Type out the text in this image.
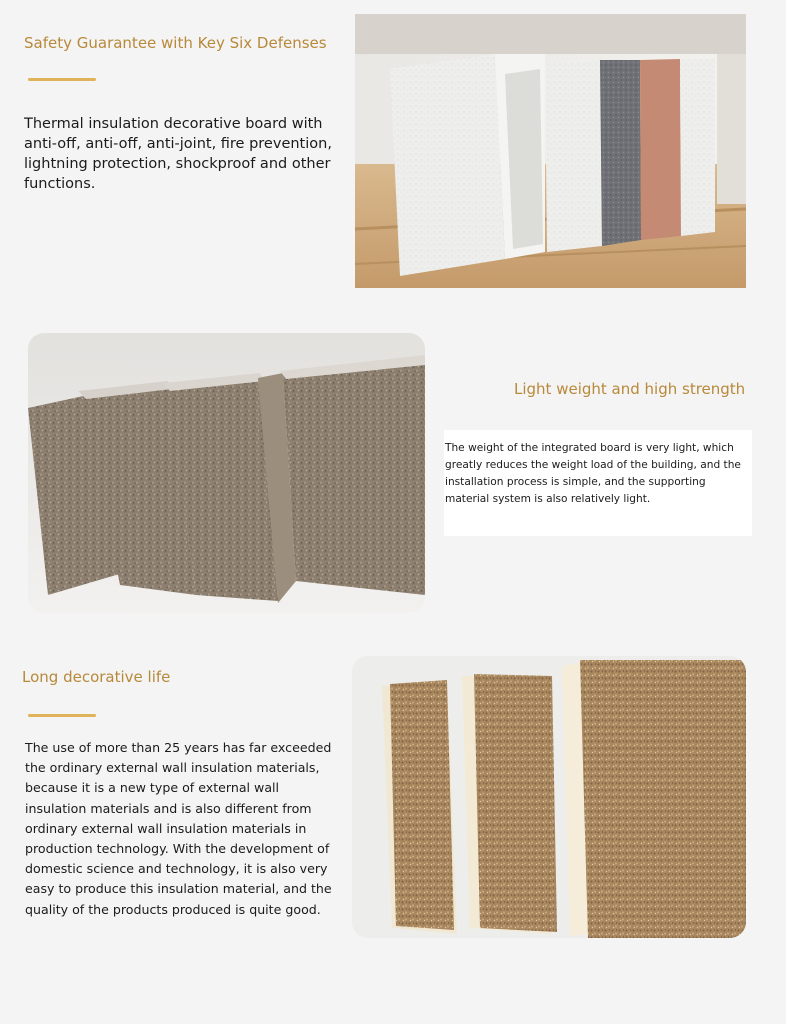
Safety Guarantee with Key Six Defenses
Thermal insulation decorative board with anti-off, anti-off, anti-joint, fire prevention, lightning protection, shockproof and other functions.
Light weight and high strength
The weight of the integrated board is very light, which greatly reduces the weight load of the building, and the installation process is simple, and the supporting material system is also relatively light.
Long decorative life
The use of more than 25 years has far exceeded the ordinary external wall insulation materials, because it is a new type of external wall insulation materials and is also different from ordinary external wall insulation materials in production technology. With the development of domestic science and technology, it is also very easy to produce this insulation material, and the quality of the products produced is quite good.
